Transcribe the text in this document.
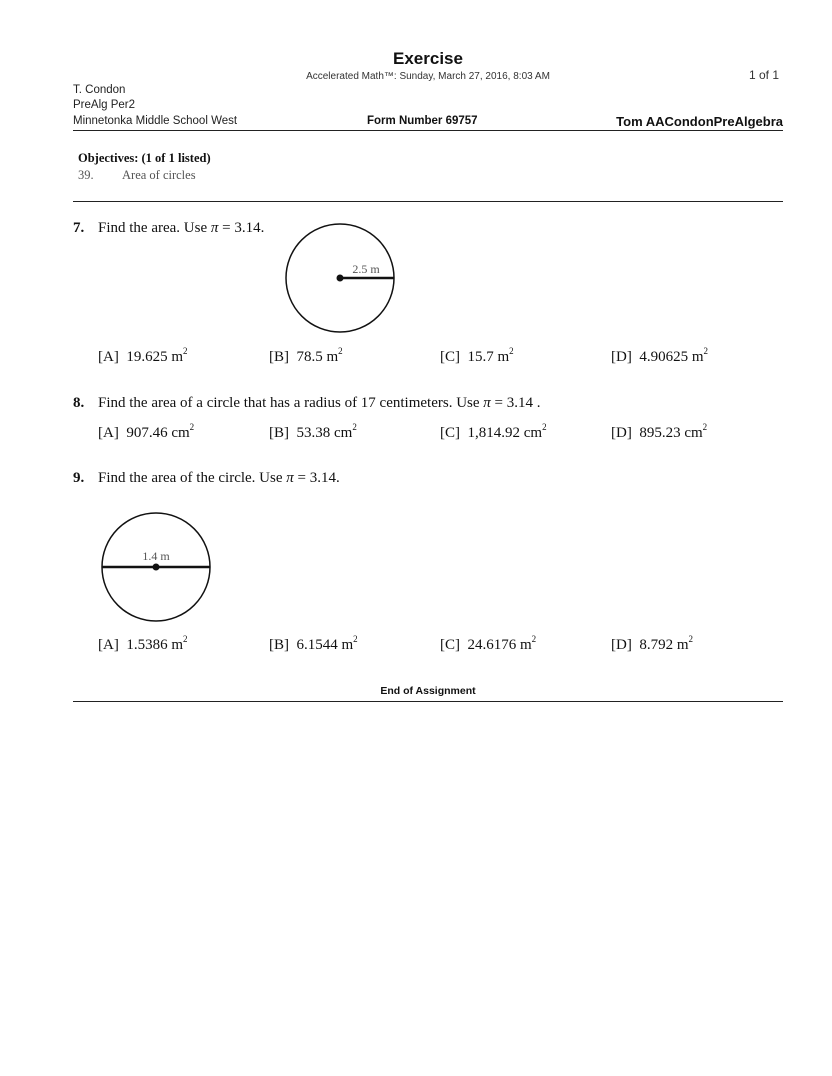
Exercise
Accelerated Math™: Sunday, March 27, 2016, 8:03 AM	1 of 1
T. Condon
PreAlg Per2
Minnetonka Middle School West	Form Number 69757	Tom AACondonPreAlgebra
Objectives: (1 of 1 listed)
39. Area of circles
7. Find the area. Use π = 3.14.
2.5 m
[A] 19.625 $m^2$	[B] 78.5 $m^2$	[C] 15.7 $m^2$	[D] 4.90625 $m^2$
8. Find the area of a circle that has a radius of 17 centimeters. Use π = 3.14 .
[A] 907.46 $cm^2$	[B] 53.38 $cm^2$	[C] 1,814.92 $cm^2$	[D] 895.23 $cm^2$
9. Find the area of the circle. Use π = 3.14.
1.4 m
[A] 1.5386 $m^2$	[B] 6.1544 $m^2$	[C] 24.6176 $m^2$	[D] 8.792 $m^2$
End of Assignment
